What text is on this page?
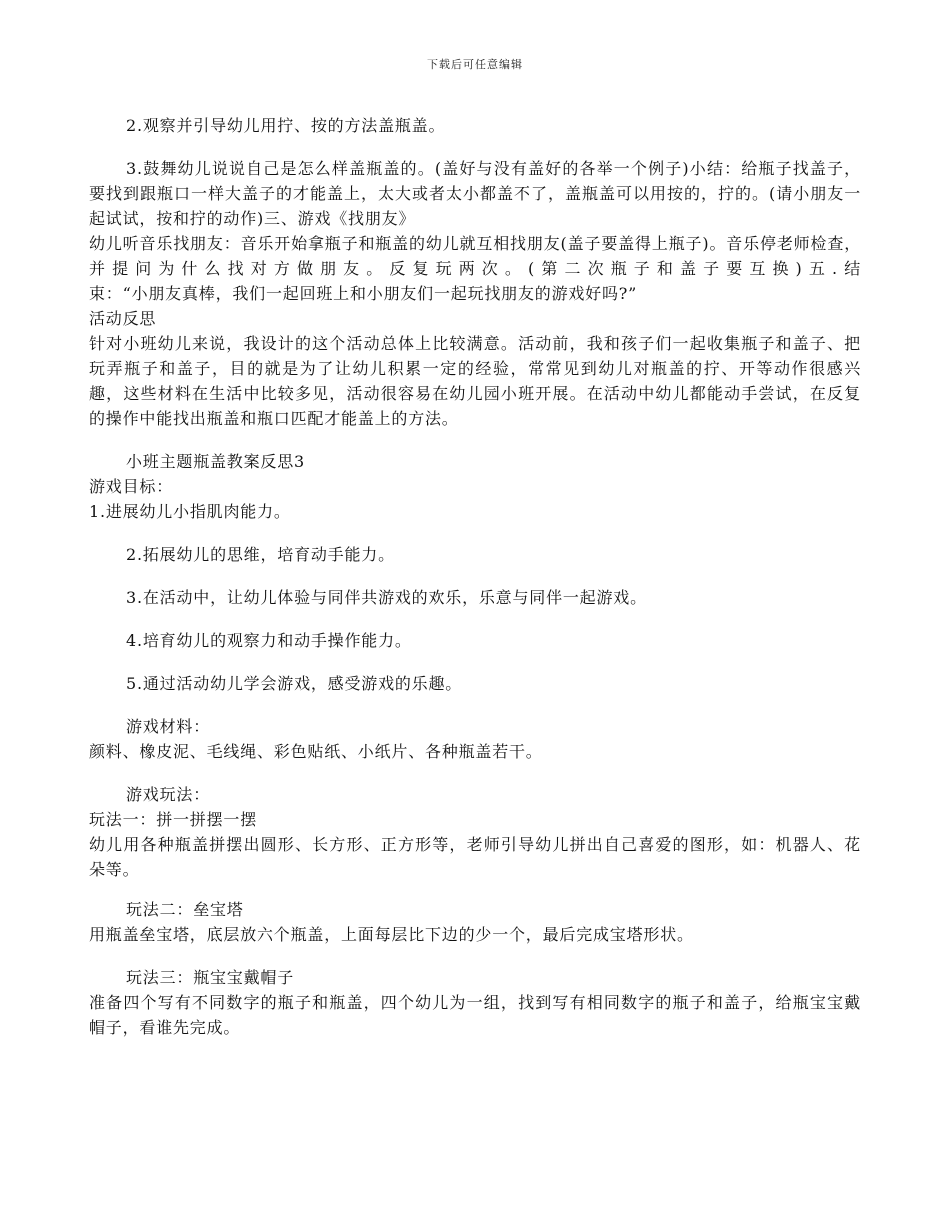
下载后可任意编辑

2.观察并引导幼儿用拧、按的方法盖瓶盖。

3.鼓舞幼儿说说自己是怎么样盖瓶盖的。(盖好与没有盖好的各举一个例子)小结：给瓶子找盖子，要找到跟瓶口一样大盖子的才能盖上，太大或者太小都盖不了，盖瓶盖可以用按的，拧的。(请小朋友一起试试，按和拧的动作)三、游戏《找朋友》

幼儿听音乐找朋友：音乐开始拿瓶子和瓶盖的幼儿就互相找朋友(盖子要盖得上瓶子)。音乐停老师检查，并提问为什么找对方做朋友。反复玩两次。(第二次瓶子和盖子要互换)五.结

束：“小朋友真棒，我们一起回班上和小朋友们一起玩找朋友的游戏好吗?”

活动反思

针对小班幼儿来说，我设计的这个活动总体上比较满意。活动前，我和孩子们一起收集瓶子和盖子、把玩弄瓶子和盖子，目的就是为了让幼儿积累一定的经验，常常见到幼儿对瓶盖的拧、开等动作很感兴趣，这些材料在生活中比较多见，活动很容易在幼儿园小班开展。在活动中幼儿都能动手尝试，在反复的操作中能找出瓶盖和瓶口匹配才能盖上的方法。

小班主题瓶盖教案反思3

游戏目标：

1.进展幼儿小指肌肉能力。

2.拓展幼儿的思维，培育动手能力。

3.在活动中，让幼儿体验与同伴共游戏的欢乐，乐意与同伴一起游戏。

4.培育幼儿的观察力和动手操作能力。

5.通过活动幼儿学会游戏，感受游戏的乐趣。

游戏材料：

颜料、橡皮泥、毛线绳、彩色贴纸、小纸片、各种瓶盖若干。

游戏玩法：

玩法一：拼一拼摆一摆

幼儿用各种瓶盖拼摆出圆形、长方形、正方形等，老师引导幼儿拼出自己喜爱的图形，如：机器人、花朵等。

玩法二：垒宝塔

用瓶盖垒宝塔，底层放六个瓶盖，上面每层比下边的少一个，最后完成宝塔形状。

玩法三：瓶宝宝戴帽子

准备四个写有不同数字的瓶子和瓶盖，四个幼儿为一组，找到写有相同数字的瓶子和盖子，给瓶宝宝戴帽子，看谁先完成。
